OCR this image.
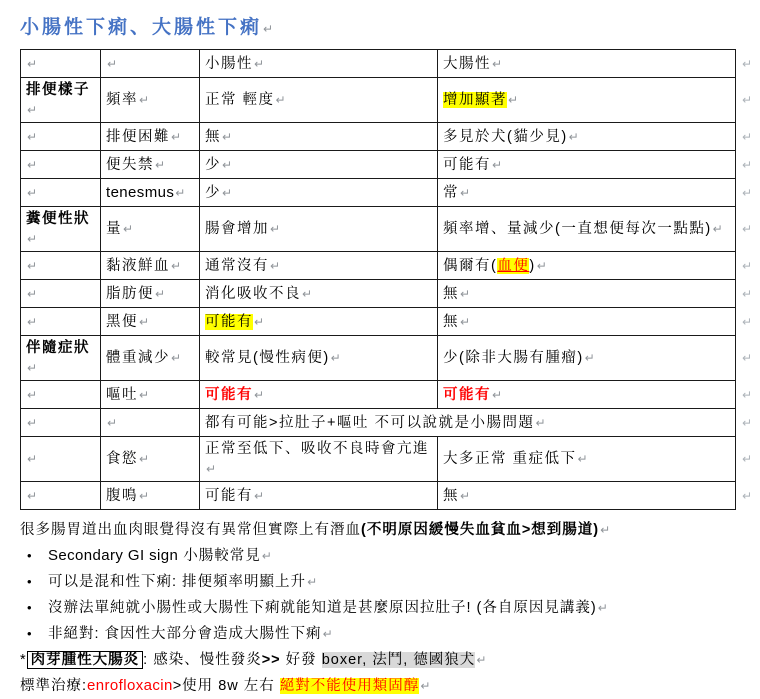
小腸性下痢、大腸性下痢↵
↵	↵	小腸性↵	大腸性↵	↵
排便樣子↵	頻率↵	正常 輕度↵	增加顯著↵	↵
↵	排便困難↵	無↵	多見於犬(貓少見)↵	↵
↵	便失禁↵	少↵	可能有↵	↵
↵	tenesmus↵	少↵	常↵	↵
糞便性狀↵	量↵	腸會增加↵	頻率增、量減少(一直想便每次一點點)↵	↵
↵	黏液鮮血↵	通常沒有↵	偶爾有(血便)↵	↵
↵	脂肪便↵	消化吸收不良↵	無↵	↵
↵	黑便↵	可能有↵	無↵	↵
伴隨症狀↵	體重減少↵	較常見(慢性病便)↵	少(除非大腸有腫瘤)↵	↵
↵	嘔吐↵	可能有↵	可能有↵	↵
↵	↵	都有可能>拉肚子+嘔吐 不可以說就是小腸問題↵		↵
↵	食慾↵	正常至低下、吸收不良時會亢進↵	大多正常 重症低下↵	↵
↵	腹鳴↵	可能有↵	無↵	↵
很多腸胃道出血肉眼覺得沒有異常但實際上有潛血(不明原因緩慢失血貧血>想到腸道)↵
•	Secondary GI sign 小腸較常見↵
•	可以是混和性下痢: 排便頻率明顯上升↵
•	沒辦法單純就小腸性或大腸性下痢就能知道是甚麼原因拉肚子! (各自原因見講義)↵
•	非絕對: 食因性大部分會造成大腸性下痢↵
* 肉芽腫性大腸炎 : 感染、慢性發炎>> 好發 boxer, 法鬥, 德國狼犬↵
標準治療:enrofloxacin>使用 8w 左右 絕對不能使用類固醇↵
